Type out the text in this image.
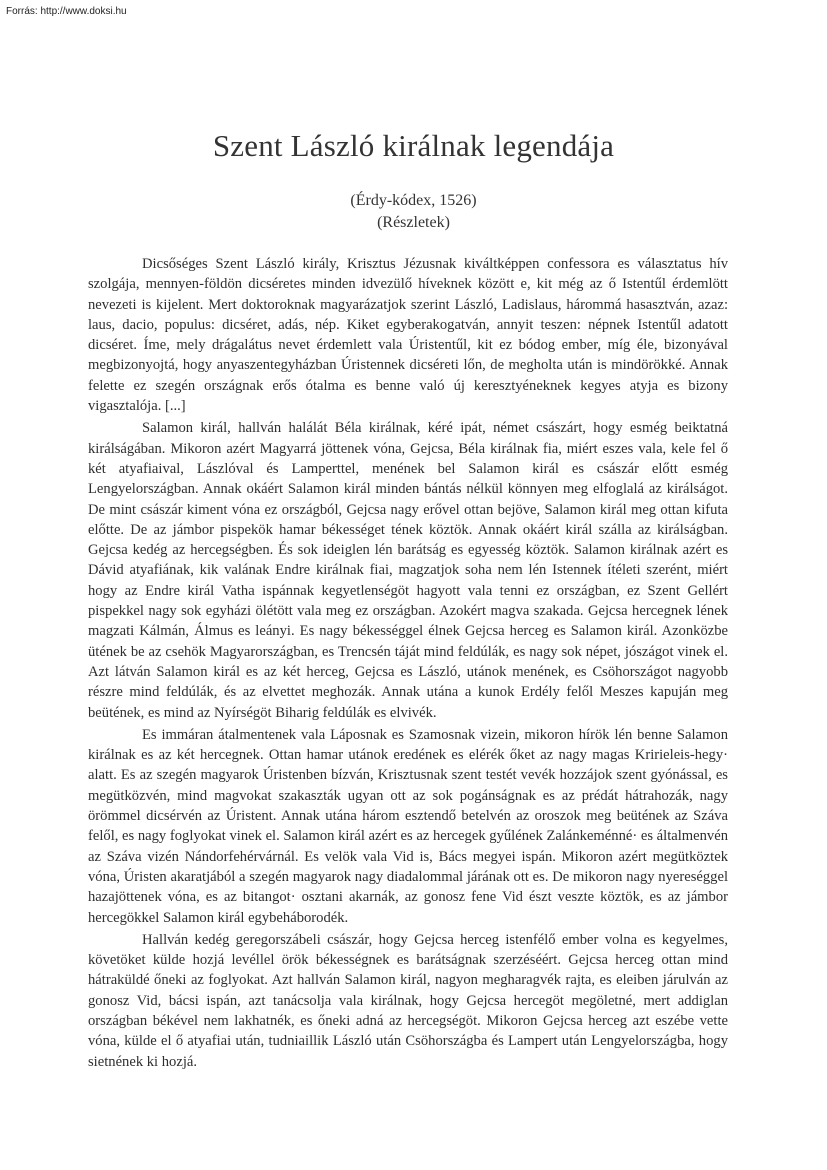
Forrás: http://www.doksi.hu
Szent László királnak legendája
(Érdy-kódex, 1526)
(Részletek)

Dicsőséges Szent László király, Krisztus Jézusnak kiváltképpen confessora es választatus hív szolgája, mennyen-földön dicséretes minden idvezülő híveknek között e, kit még az ő Istentűl érdemlött nevezeti is kijelent. Mert doktoroknak magyarázatjok szerint László, Ladislaus, hárommá hasasztván, azaz: laus, dacio, populus: dicséret, adás, nép. Kiket egyberakogatván, annyit teszen: népnek Istentűl adatott dicséret. Íme, mely drágalátus nevet érdemlett vala Úristentűl, kit ez bódog ember, míg éle, bizonyával megbizonyojtá, hogy anyaszentegyházban Úristennek dicséreti lőn, de megholta után is mindörökké. Annak felette ez szegén országnak erős ótalma es benne való új keresztyéneknek kegyes atyja es bizony vigasztalója. [...]

Salamon királ, hallván halálát Béla királnak, kéré ipát, német császárt, hogy esmég beiktatná királságában. Mikoron azért Magyarrá jöttenek vóna, Gejcsa, Béla királnak fia, miért eszes vala, kele fel ő két atyafiaival, Lászlóval és Lamperttel, menének bel Salamon királ es császár előtt esmég Lengyelországban. Annak okáért Salamon királ minden bántás nélkül könnyen meg elfoglalá az királságot. De mint császár kiment vóna ez országból, Gejcsa nagy erővel ottan bejöve, Salamon királ meg ottan kifuta előtte. De az jámbor pispekök hamar békességet tének köztök. Annak okáért királ szálla az királságban. Gejcsa kedég az hercegségben. És sok ideiglen lén barátság es egyesség köztök. Salamon királnak azért es Dávid atyafiának, kik valának Endre királnak fiai, magzatjok soha nem lén Istennek ítéleti szerént, miért hogy az Endre királ Vatha ispánnak kegyetlenségöt hagyott vala tenni ez országban, ez Szent Gellért pispekkel nagy sok egyházi ölétött vala meg ez országban. Azokért magva szakada. Gejcsa hercegnek lének magzati Kálmán, Álmus es leányi. Es nagy békességgel élnek Gejcsa herceg es Salamon királ. Azonközbe ütének be az csehök Magyarországban, es Trencsén táját mind feldúlák, es nagy sok népet, jószágot vinek el. Azt látván Salamon királ es az két herceg, Gejcsa es László, utánok menének, es Csöhországot nagyobb részre mind feldúlák, és az elvettet meghozák. Annak utána a kunok Erdély felől Meszes kapuján meg beütének, es mind az Nyírségöt Biharig feldúlák es elvivék.

Es immáran átalmentenek vala Láposnak es Szamosnak vizein, mikoron hírök lén benne Salamon királnak es az két hercegnek. Ottan hamar utánok eredének es elérék őket az nagy magas Kririeleis-hegy· alatt. Es az szegén magyarok Úristenben bízván, Krisztusnak szent testét vevék hozzájok szent gyónással, es megütközvén, mind magvokat szakaszták ugyan ott az sok pogánságnak es az prédát hátrahozák, nagy örömmel dicsérvén az Úristent. Annak utána három esztendő betelvén az oroszok meg beütének az Száva felől, es nagy foglyokat vinek el. Salamon királ azért es az hercegek gyűlének Zalánkeménné· es általmenvén az Száva vizén Nándorfehérvárnál. Es velök vala Vid is, Bács megyei ispán. Mikoron azért megütköztek vóna, Úristen akaratjából a szegén magyarok nagy diadalommal járának ott es. De mikoron nagy nyereséggel hazajöttenek vóna, es az bitangot· osztani akarnák, az gonosz fene Vid észt veszte köztök, es az jámbor hercegökkel Salamon királ egybeháborodék.

Hallván kedég geregorszábeli császár, hogy Gejcsa herceg istenfélő ember volna es kegyelmes, követöket külde hozjá levéllel örök békességnek es barátságnak szerzéséért. Gejcsa herceg ottan mind hátraküldé őneki az foglyokat. Azt hallván Salamon királ, nagyon megharagvék rajta, es eleiben járulván az gonosz Vid, bácsi ispán, azt tanácsolja vala királnak, hogy Gejcsa hercegöt megöletné, mert addiglan országban békével nem lakhatnék, es őneki adná az hercegségöt. Mikoron Gejcsa herceg azt eszébe vette vóna, külde el ő atyafiai után, tudniaillik László után Csöhországba és Lampert után Lengyelországba, hogy sietnének ki hozjá.
